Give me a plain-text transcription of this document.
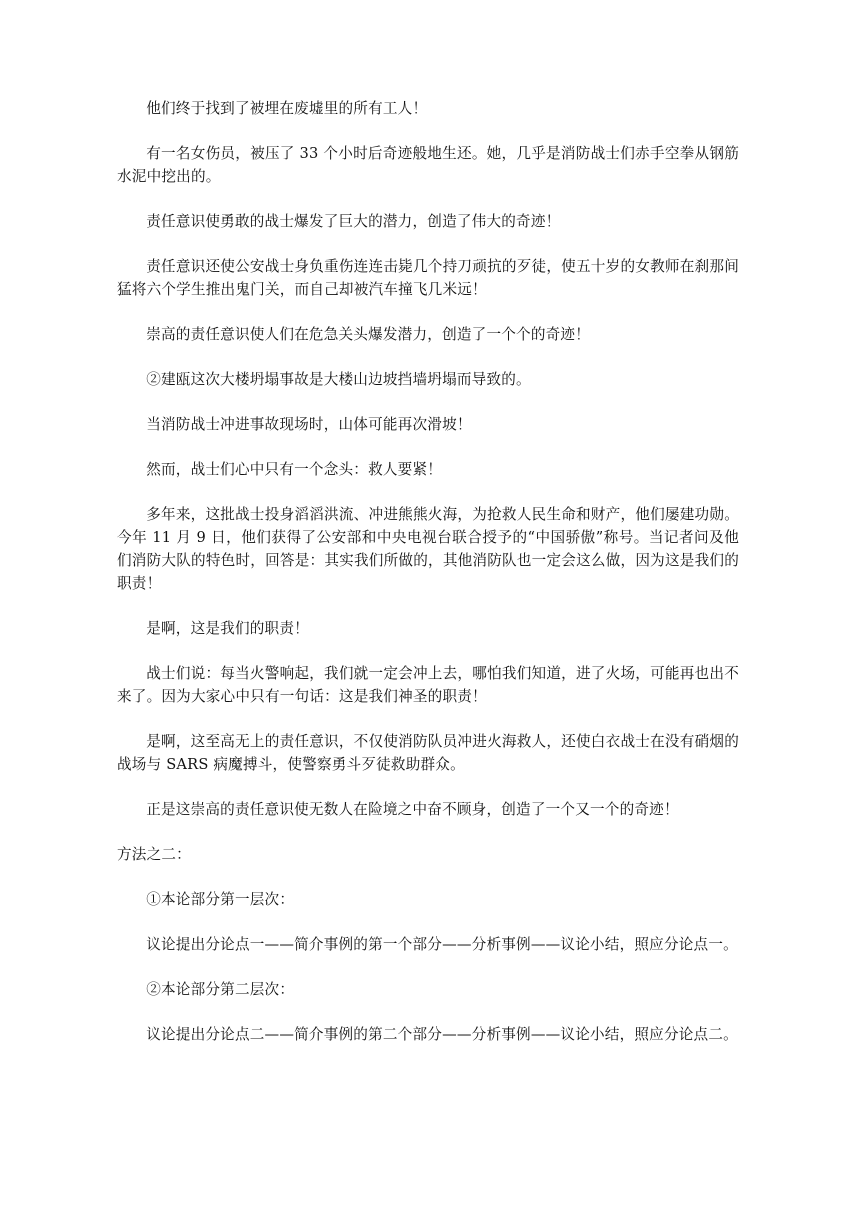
他们终于找到了被埋在废墟里的所有工人！

有一名女伤员，被压了 33 个小时后奇迹般地生还。她，几乎是消防战士们赤手空拳从钢筋水泥中挖出的。

责任意识使勇敢的战士爆发了巨大的潜力，创造了伟大的奇迹！

责任意识还使公安战士身负重伤连连击毙几个持刀顽抗的歹徒，使五十岁的女教师在刹那间猛将六个学生推出鬼门关，而自己却被汽车撞飞几米远！

崇高的责任意识使人们在危急关头爆发潜力，创造了一个个的奇迹！

②建瓯这次大楼坍塌事故是大楼山边坡挡墙坍塌而导致的。

当消防战士冲进事故现场时，山体可能再次滑坡！

然而，战士们心中只有一个念头：救人要紧！

多年来，这批战士投身滔滔洪流、冲进熊熊火海，为抢救人民生命和财产，他们屡建功勋。今年 11 月 9 日，他们获得了公安部和中央电视台联合授予的“中国骄傲”称号。当记者问及他们消防大队的特色时，回答是：其实我们所做的，其他消防队也一定会这么做，因为这是我们的职责！

是啊，这是我们的职责！

战士们说：每当火警响起，我们就一定会冲上去，哪怕我们知道，进了火场，可能再也出不来了。因为大家心中只有一句话：这是我们神圣的职责！

是啊，这至高无上的责任意识，不仅使消防队员冲进火海救人，还使白衣战士在没有硝烟的战场与 SARS 病魔搏斗，使警察勇斗歹徒救助群众。

正是这崇高的责任意识使无数人在险境之中奋不顾身，创造了一个又一个的奇迹！

方法之二：

①本论部分第一层次：

议论提出分论点一——简介事例的第一个部分——分析事例——议论小结，照应分论点一。

②本论部分第二层次：

议论提出分论点二——简介事例的第二个部分——分析事例——议论小结，照应分论点二。
